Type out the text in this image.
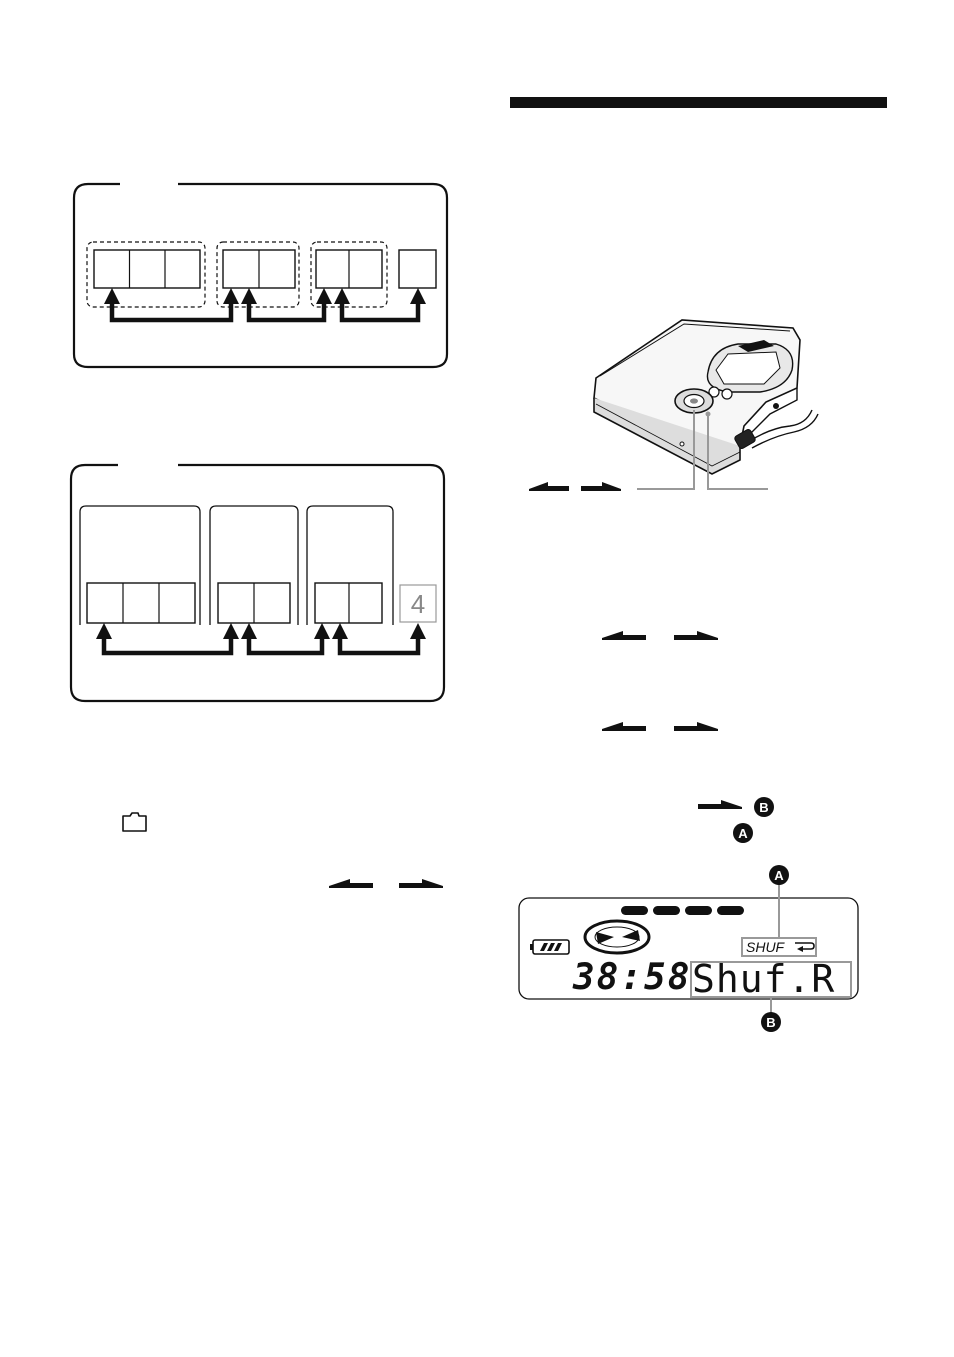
4
B
A
SHUF
38:58 Shuf.R
A
B
